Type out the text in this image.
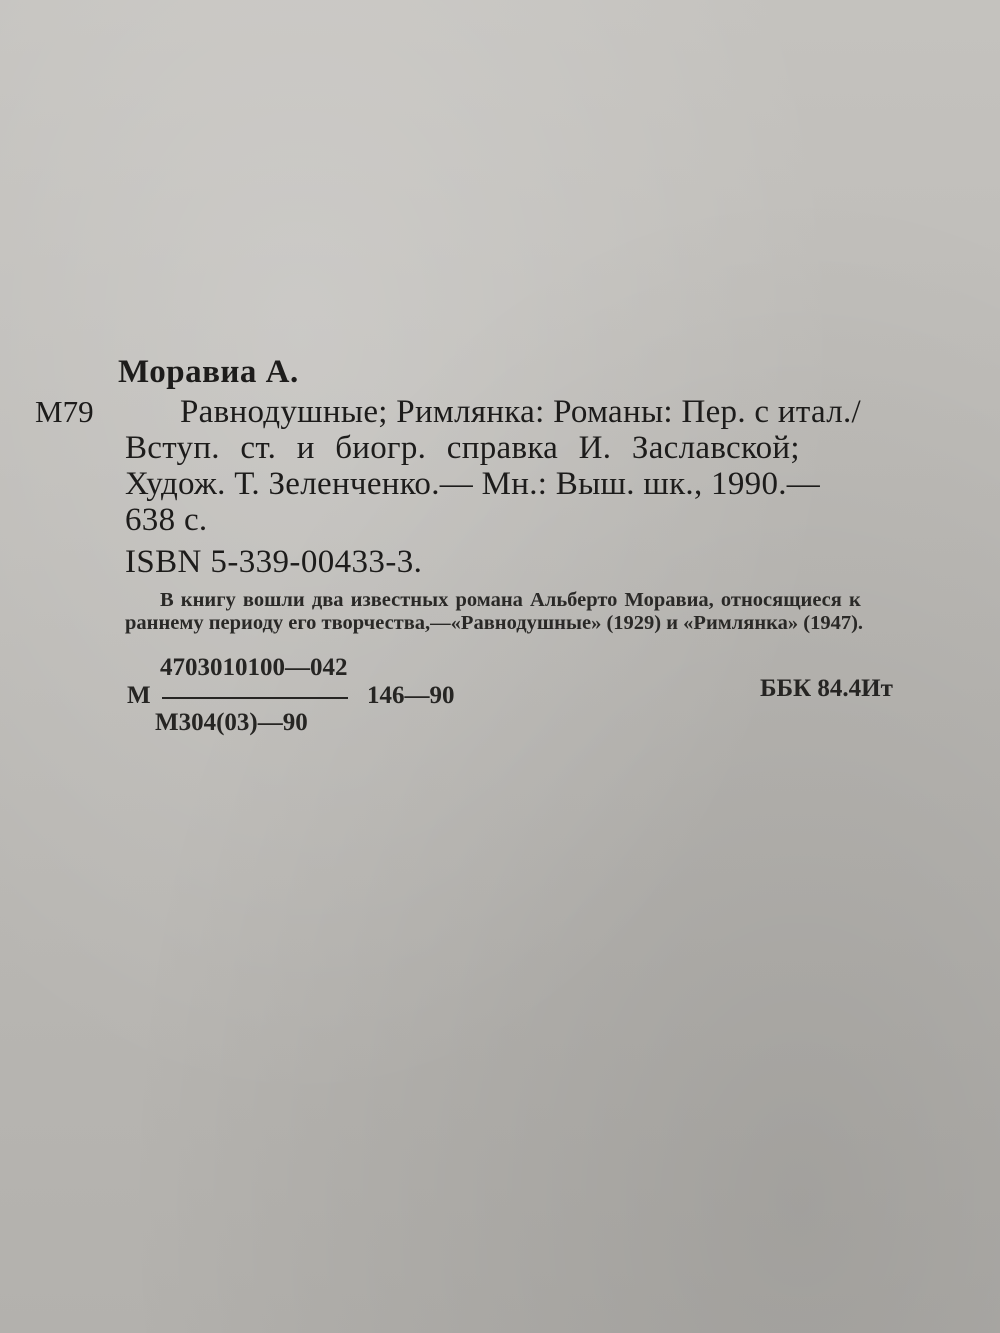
Моравиа А.
М79	Равнодушные; Римлянка: Романы: Пер. с итал./
Вступ. ст. и биогр. справка И. Заславской;
Худож. Т. Зеленченко.— Мн.: Выш. шк., 1990.—
638 с.
ISBN 5-339-00433-3.
В книгу вошли два известных романа Альберто Моравиа, относящиеся к
раннему периоду его творчества,—«Равнодушные» (1929) и «Римлянка» (1947).
4703010100—042
М
М304(03)—90
146—90	ББК 84.4Ит
